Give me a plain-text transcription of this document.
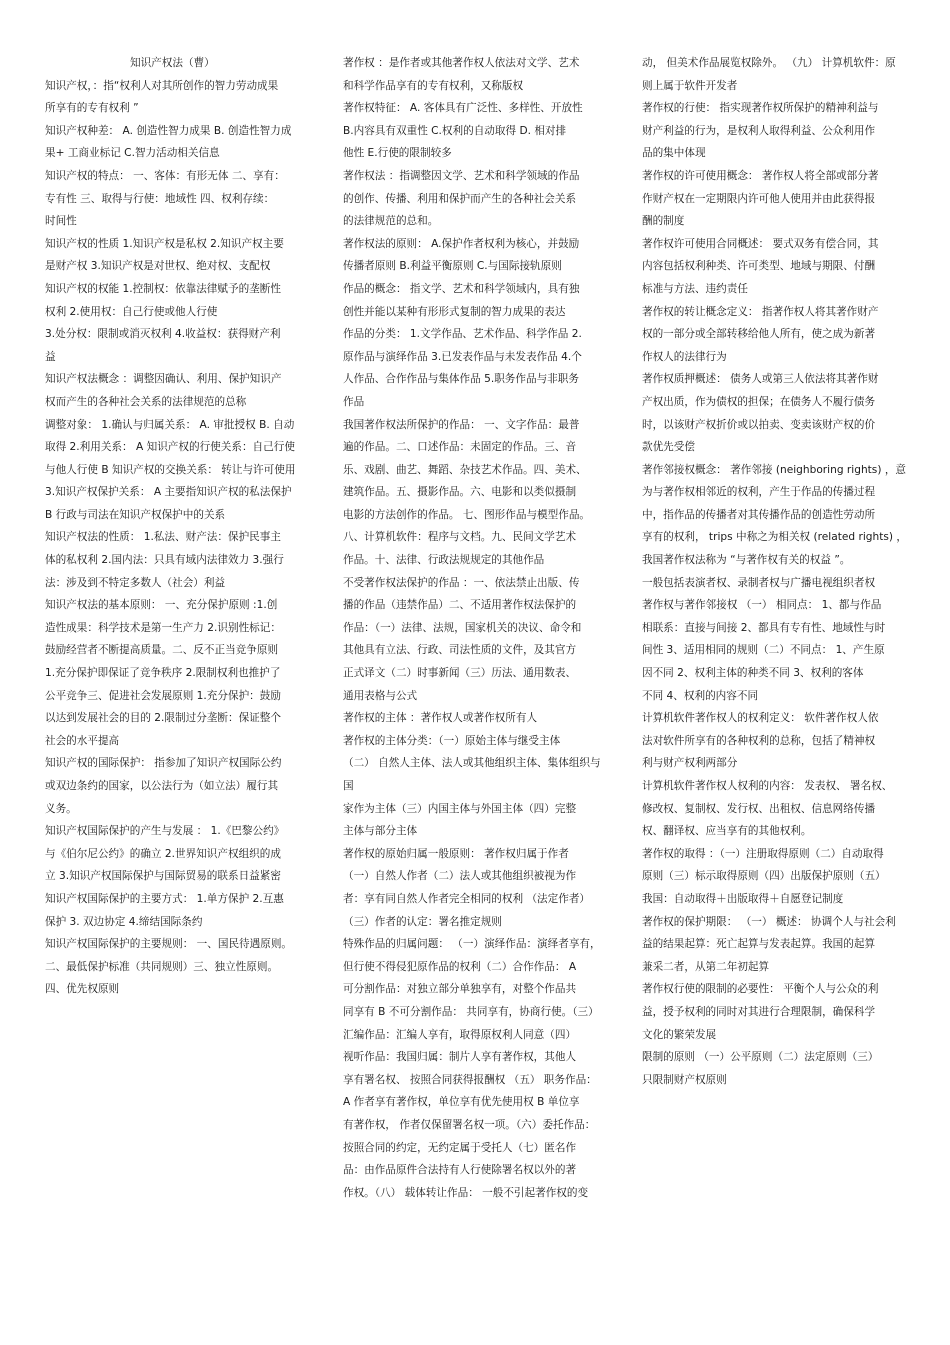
知识产权法（曹）
知识产权，：指“权利人对其所创作的智力劳动成果
所享有的专有权利 ”
知识产权种差： A. 创造性智力成果 B. 创造性智力成
果+ 工商业标记 C.智力活动相关信息
知识产权的特点： 一、客体：有形无体 二、享有：
专有性 三、取得与行使：地域性 四、权利存续：
时间性
知识产权的性质 1.知识产权是私权 2.知识产权主要
是财产权 3.知识产权是对世权、绝对权、支配权
知识产权的权能 1.控制权：依靠法律赋予的垄断性
权利 2.使用权：自己行使或他人行使
3.处分权：限制或消灭权利 4.收益权：获得财产利
益
知识产权法概念 ：调整因确认、利用、保护知识产
权而产生的各种社会关系的法律规范的总称
调整对象： 1.确认与归属关系： A. 审批授权 B. 自动
取得 2.利用关系： A 知识产权的行使关系：自己行使
与他人行使 B 知识产权的交换关系： 转让与许可使用
3.知识产权保护关系： A 主要指知识产权的私法保护
B 行政与司法在知识产权保护中的关系
知识产权法的性质： 1.私法、财产法：保护民事主
体的私权利 2.国内法：只具有域内法律效力 3.强行
法：涉及到不特定多数人（社会）利益
知识产权法的基本原则： 一、充分保护原则 :1.创
造性成果：科学技术是第一生产力 2.识别性标记：
鼓励经营者不断提高质量。二、反不正当竞争原则
1.充分保护即保证了竞争秩序 2.限制权利也推护了
公平竞争三、促进社会发展原则 1.充分保护：鼓励
以达到发展社会的目的 2.限制过分垄断：保证整个
社会的水平提高
知识产权的国际保护： 指参加了知识产权国际公约
或双边条约的国家，以公法行为（如立法）履行其
义务。
知识产权国际保护的产生与发展 ： 1.《巴黎公约》
与《伯尔尼公约》的确立 2.世界知识产权组织的成
立 3.知识产权国际保护与国际贸易的联系日益紧密
知识产权国际保护的主要方式： 1.单方保护 2.互惠
保护 3. 双边协定 4.缔结国际条约
知识产权国际保护的主要规则： 一、国民待遇原则。
二、最低保护标准（共同规则）三、独立性原则。
四、优先权原则
著作权 ：是作者或其他著作权人依法对文学、艺术
和科学作品享有的专有权利，又称版权
著作权特征： A. 客体具有广泛性、多样性、开放性
B.内容具有双重性 C.权利的自动取得 D. 相对排
他性 E.行使的限制较多
著作权法 ：指调整因文学、艺术和科学领域的作品
的创作、传播、利用和保护而产生的各种社会关系
的法律规范的总和。
著作权法的原则： A.保护作者权利为核心，并鼓励
传播者原则 B.利益平衡原则 C.与国际接轨原则
作品的概念： 指文学、艺术和科学领域内，具有独
创性并能以某种有形形式复制的智力成果的表达
作品的分类： 1.文学作品、艺术作品、科学作品 2.
原作品与演绎作品 3.已发表作品与未发表作品 4.个
人作品、合作作品与集体作品 5.职务作品与非职务
作品
我国著作权法所保护的作品： 一、文字作品：最普
遍的作品。二、口述作品：未固定的作品。三、音
乐、戏剧、曲艺、舞蹈、杂技艺术作品。四、美术、
建筑作品。五、摄影作品。六、电影和以类似摄制
电影的方法创作的作品。 七、图形作品与模型作品。
八、计算机软件：程序与文档。九、民间文学艺术
作品。十、法律、行政法规规定的其他作品
不受著作权法保护的作品 ：一、依法禁止出版、传
播的作品（违禁作品）二、不适用著作权法保护的
作品：（一）法律、法规，国家机关的决议、命令和
其他具有立法、行政、司法性质的文件，及其官方
正式译文（二）时事新闻（三）历法、通用数表、
通用表格与公式
著作权的主体 ：著作权人或著作权所有人
著作权的主体分类：（一）原始主体与继受主体
（二） 自然人主体、法人或其他组织主体、集体组织与
国
家作为主体（三）内国主体与外国主体（四）完整
主体与部分主体
著作权的原始归属一般原则： 著作权归属于作者
（一）自然人作者（二）法人或其他组织被视为作
者：享有同自然人作者完全相同的权利 （法定作者）
（三）作者的认定：署名推定规则
特殊作品的归属问题： （一）演绎作品：演绎者享有，
但行使不得侵犯原作品的权利（二）合作作品： A
可分割作品：对独立部分单独享有，对整个作品共
同享有 B 不可分割作品： 共同享有，协商行使。（三）
汇编作品：汇编人享有，取得原权利人同意（四）
视听作品：我国归属：制片人享有著作权，其他人
享有署名权、 按照合同获得报酬权 （五） 职务作品：
A 作者享有著作权，单位享有优先使用权 B 单位享
有著作权， 作者仅保留署名权一项。（六）委托作品：
按照合同的约定，无约定属于受托人（七）匿名作
品：由作品原件合法持有人行使除署名权以外的著
作权。（八） 载体转让作品： 一般不引起著作权的变
动， 但美术作品展览权除外。 （九） 计算机软件：原
则上属于软件开发者
著作权的行使： 指实现著作权所保护的精神利益与
财产利益的行为，是权利人取得利益、公众利用作
品的集中体现
著作权的许可使用概念： 著作权人将全部或部分著
作财产权在一定期限内许可他人使用并由此获得报
酬的制度
著作权许可使用合同概述： 要式双务有偿合同，其
内容包括权利种类、许可类型、地域与期限、付酬
标准与方法、违约责任
著作权的转让概念定义： 指著作权人将其著作财产
权的一部分或全部转移给他人所有，使之成为新著
作权人的法律行为
著作权质押概述： 债务人或第三人依法将其著作财
产权出质，作为债权的担保；在债务人不履行债务
时，以该财产权折价或以拍卖、变卖该财产权的价
款优先受偿
著作邻接权概念： 著作邻接 (neighboring rights) ，意
为与著作权相邻近的权利，产生于作品的传播过程
中，指作品的传播者对其传播作品的创造性劳动所
享有的权利， trips 中称之为相关权 (related rights) ，
我国著作权法称为 “与著作权有关的权益 ”。
一般包括表演者权、录制者权与广播电视组织者权
著作权与著作邻接权 （一） 相同点： 1、都与作品
相联系：直接与间接 2、都具有专有性、地域性与时
间性 3、适用相同的规则（二）不同点： 1、产生原
因不同 2、权利主体的种类不同 3、权利的客体
不同 4、权利的内容不同
计算机软件著作权人的权利定义： 软件著作权人依
法对软件所享有的各种权利的总称，包括了精神权
利与财产权利两部分
计算机软件著作权人权利的内容： 发表权、 署名权、
修改权、复制权、发行权、出租权、信息网络传播
权、翻译权、应当享有的其他权利。
著作权的取得 ：（一）注册取得原则（二）自动取得
原则（三）标示取得原则（四）出版保护原则（五）
我国：自动取得＋出版取得＋自愿登记制度
著作权的保护期限： （一） 概述： 协调个人与社会利
益的结果起算：死亡起算与发表起算。我国的起算
兼采二者，从第二年初起算
著作权行使的限制的必要性： 平衡个人与公众的利
益，授予权利的同时对其进行合理限制，确保科学
文化的繁荣发展
限制的原则 （一）公平原则（二）法定原则（三）
只限制财产权原则
